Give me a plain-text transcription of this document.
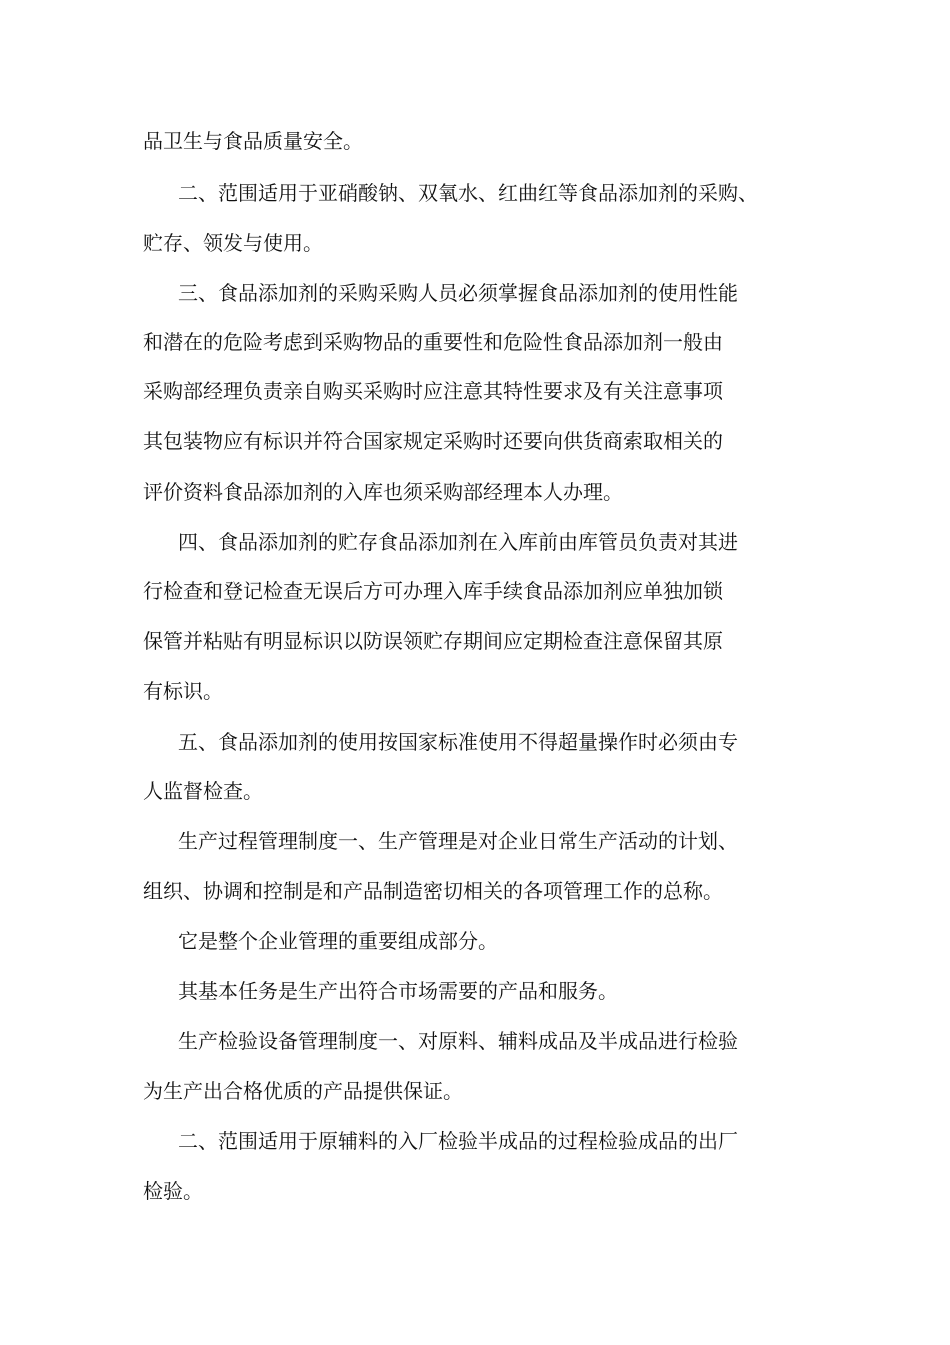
品卫生与食品质量安全。
二、范围适用于亚硝酸钠、双氧水、红曲红等食品添加剂的采购、
贮存、领发与使用。
三、食品添加剂的采购采购人员必须掌握食品添加剂的使用性能
和潜在的危险考虑到采购物品的重要性和危险性食品添加剂一般由
采购部经理负责亲自购买采购时应注意其特性要求及有关注意事项
其包装物应有标识并符合国家规定采购时还要向供货商索取相关的
评价资料食品添加剂的入库也须采购部经理本人办理。
四、食品添加剂的贮存食品添加剂在入库前由库管员负责对其进
行检查和登记检查无误后方可办理入库手续食品添加剂应单独加锁
保管并粘贴有明显标识以防误领贮存期间应定期检查注意保留其原
有标识。
五、食品添加剂的使用按国家标准使用不得超量操作时必须由专
人监督检查。
生产过程管理制度一、生产管理是对企业日常生产活动的计划、
组织、协调和控制是和产品制造密切相关的各项管理工作的总称。
它是整个企业管理的重要组成部分。
其基本任务是生产出符合市场需要的产品和服务。
生产检验设备管理制度一、对原料、辅料成品及半成品进行检验
为生产出合格优质的产品提供保证。
二、范围适用于原辅料的入厂检验半成品的过程检验成品的出厂
检验。
